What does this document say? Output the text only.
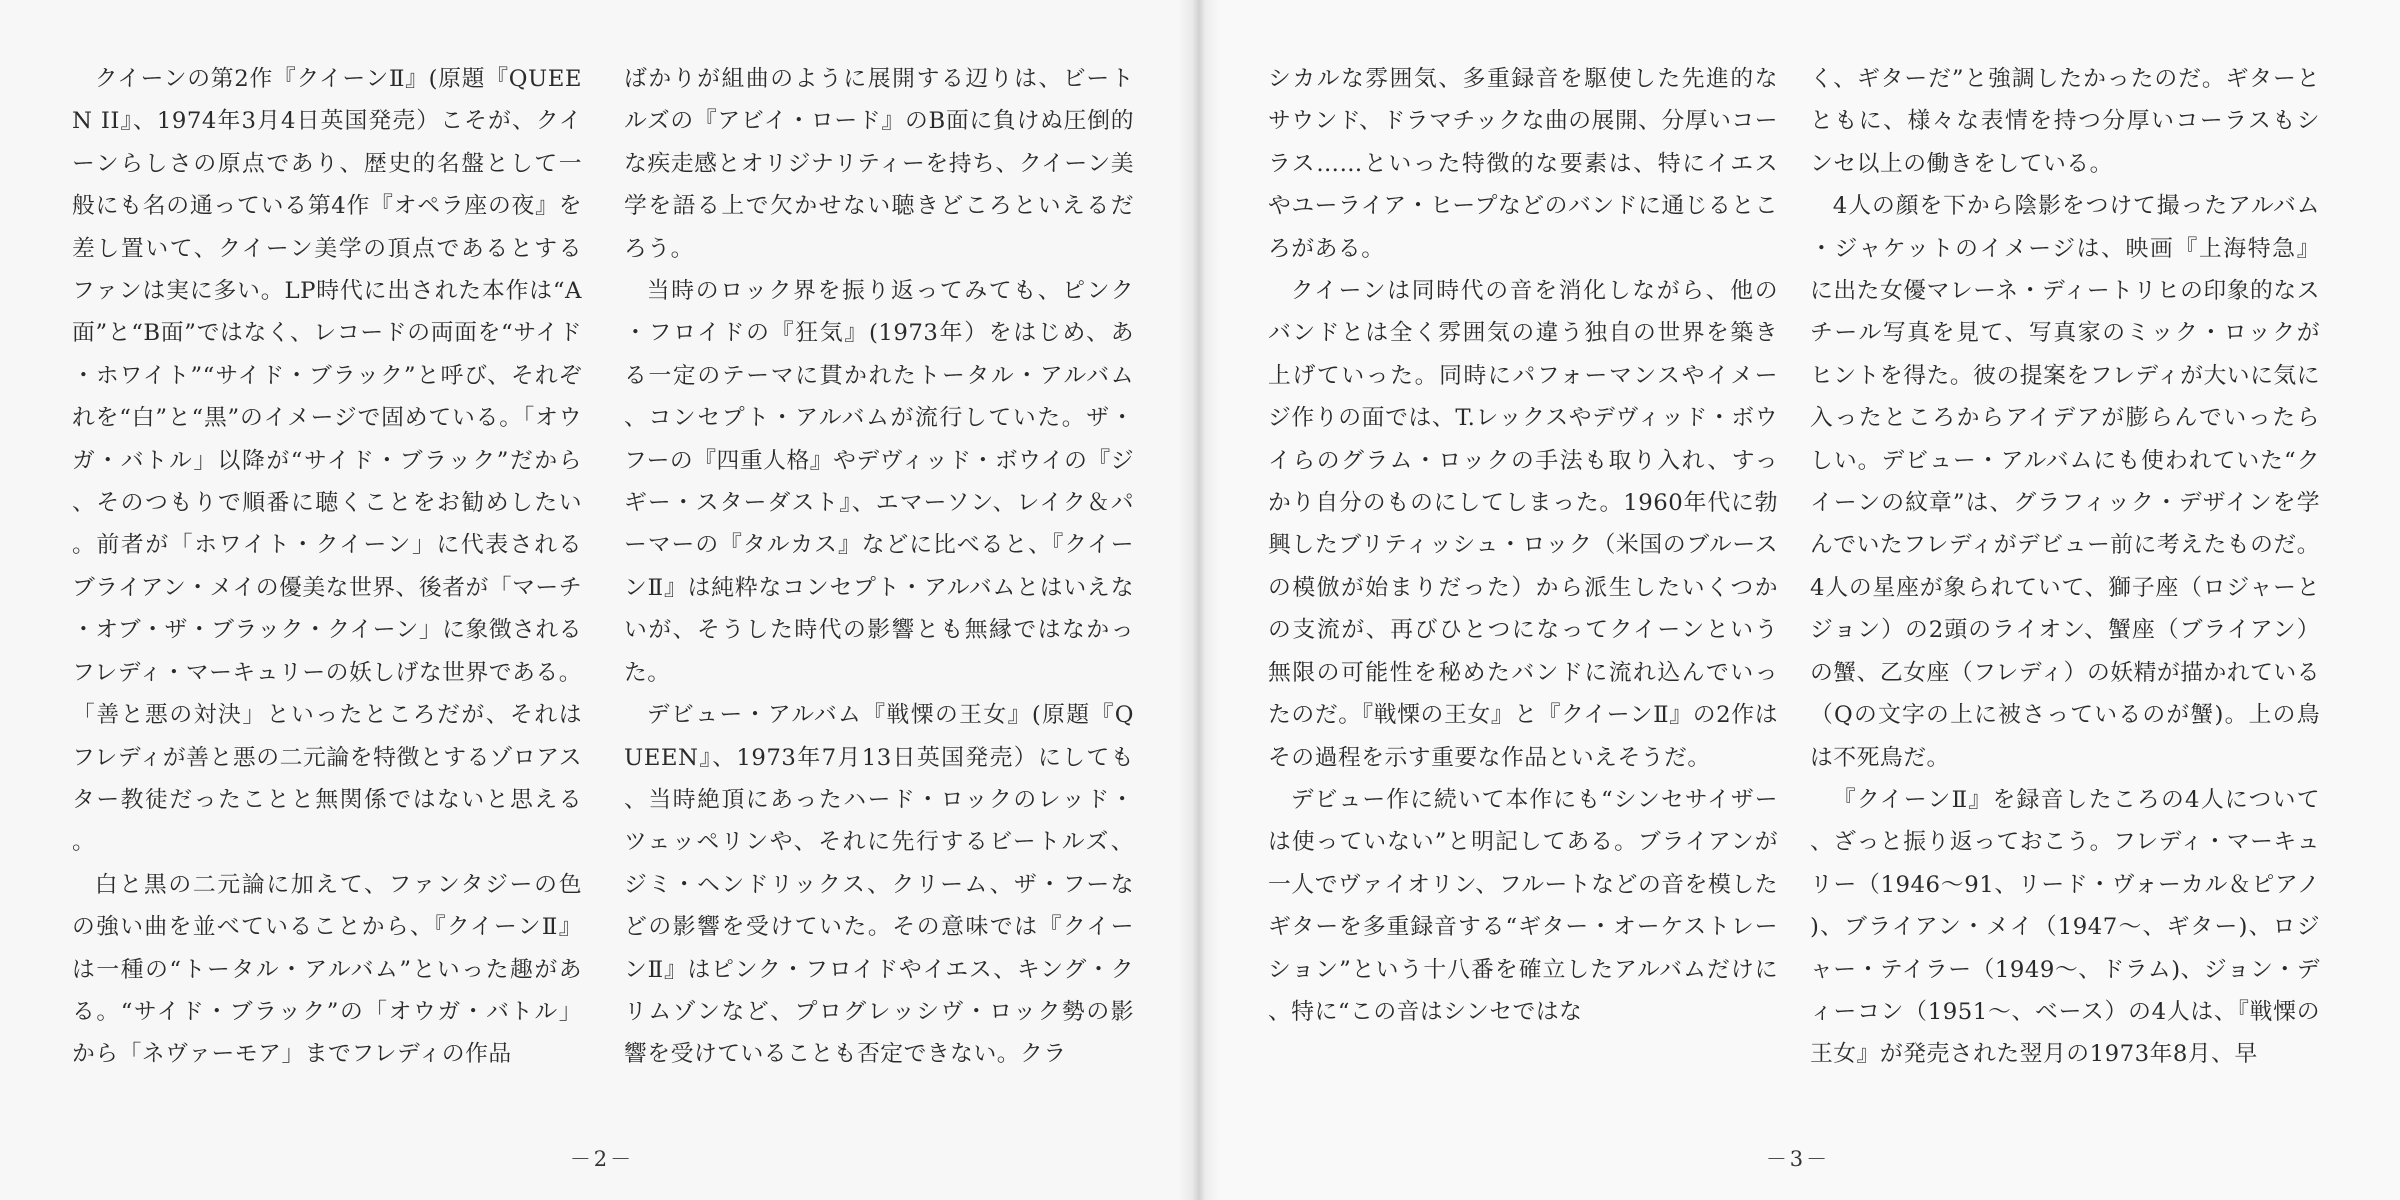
クイーンの第2作『クイーンⅡ』(原題『QUEEN II』、1974年3月4日英国発売）こそが、クイーンらしさの原点であり、歴史的名盤として一般にも名の通っている第4作『オペラ座の夜』を差し置いて、クイーン美学の頂点であるとするファンは実に多い。LP時代に出された本作は“A面”と“B面”ではなく、レコードの両面を“サイド・ホワイト”“サイド・ブラック”と呼び、それぞれを“白”と“黒”のイメージで固めている。「オウガ・バトル」以降が“サイド・ブラック”だから、そのつもりで順番に聴くことをお勧めしたい。前者が「ホワイト・クイーン」に代表されるブライアン・メイの優美な世界、後者が「マーチ・オブ・ザ・ブラック・クイーン」に象徴されるフレディ・マーキュリーの妖しげな世界である。「善と悪の対決」といったところだが、それはフレディが善と悪の二元論を特徴とするゾロアスター教徒だったことと無関係ではないと思える。

白と黒の二元論に加えて、ファンタジーの色の強い曲を並べていることから、『クイーンⅡ』は一種の“トータル・アルバム”といった趣がある。“サイド・ブラック”の「オウガ・バトル」から「ネヴァーモア」までフレディの作品

ばかりが組曲のように展開する辺りは、ビートルズの『アビイ・ロード』のB面に負けぬ圧倒的な疾走感とオリジナリティーを持ち、クイーン美学を語る上で欠かせない聴きどころといえるだろう。

当時のロック界を振り返ってみても、ピンク・フロイドの『狂気』(1973年）をはじめ、ある一定のテーマに貫かれたトータル・アルバム、コンセプト・アルバムが流行していた。ザ・フーの『四重人格』やデヴィッド・ボウイの『ジギー・スターダスト』、エマーソン、レイク＆パーマーの『タルカス』などに比べると、『クイーンⅡ』は純粋なコンセプト・アルバムとはいえないが、そうした時代の影響とも無縁ではなかった。

デビュー・アルバム『戦慄の王女』(原題『QUEEN』、1973年7月13日英国発売）にしても、当時絶頂にあったハード・ロックのレッド・ツェッペリンや、それに先行するビートルズ、ジミ・ヘンドリックス、クリーム、ザ・フーなどの影響を受けていた。その意味では『クイーンⅡ』はピンク・フロイドやイエス、キング・クリムゾンなど、プログレッシヴ・ロック勢の影響を受けていることも否定できない。クラ

－2－

シカルな雰囲気、多重録音を駆使した先進的なサウンド、ドラマチックな曲の展開、分厚いコーラス……といった特徴的な要素は、特にイエスやユーライア・ヒープなどのバンドに通じるところがある。

クイーンは同時代の音を消化しながら、他のバンドとは全く雰囲気の違う独自の世界を築き上げていった。同時にパフォーマンスやイメージ作りの面では、T.レックスやデヴィッド・ボウイらのグラム・ロックの手法も取り入れ、すっかり自分のものにしてしまった。1960年代に勃興したブリティッシュ・ロック（米国のブルースの模倣が始まりだった）から派生したいくつかの支流が、再びひとつになってクイーンという無限の可能性を秘めたバンドに流れ込んでいったのだ。『戦慄の王女』と『クイーンⅡ』の2作はその過程を示す重要な作品といえそうだ。

デビュー作に続いて本作にも“シンセサイザーは使っていない”と明記してある。ブライアンが一人でヴァイオリン、フルートなどの音を模したギターを多重録音する“ギター・オーケストレーション”という十八番を確立したアルバムだけに、特に“この音はシンセではな

く、ギターだ”と強調したかったのだ。ギターとともに、様々な表情を持つ分厚いコーラスもシンセ以上の働きをしている。

4人の顔を下から陰影をつけて撮ったアルバム・ジャケットのイメージは、映画『上海特急』に出た女優マレーネ・ディートリヒの印象的なスチール写真を見て、写真家のミック・ロックがヒントを得た。彼の提案をフレディが大いに気に入ったところからアイデアが膨らんでいったらしい。デビュー・アルバムにも使われていた“クイーンの紋章”は、グラフィック・デザインを学んでいたフレディがデビュー前に考えたものだ。4人の星座が象られていて、獅子座（ロジャーとジョン）の2頭のライオン、蟹座（ブライアン）の蟹、乙女座（フレディ）の妖精が描かれている（Qの文字の上に被さっているのが蟹)。上の鳥は不死鳥だ。

『クイーンⅡ』を録音したころの4人について、ざっと振り返っておこう。フレディ・マーキュリー（1946～91、リード・ヴォーカル＆ピアノ)、ブライアン・メイ（1947～、ギター)、ロジャー・テイラー（1949～、ドラム)、ジョン・ディーコン（1951～、ベース）の4人は、『戦慄の王女』が発売された翌月の1973年8月、早

－3－
